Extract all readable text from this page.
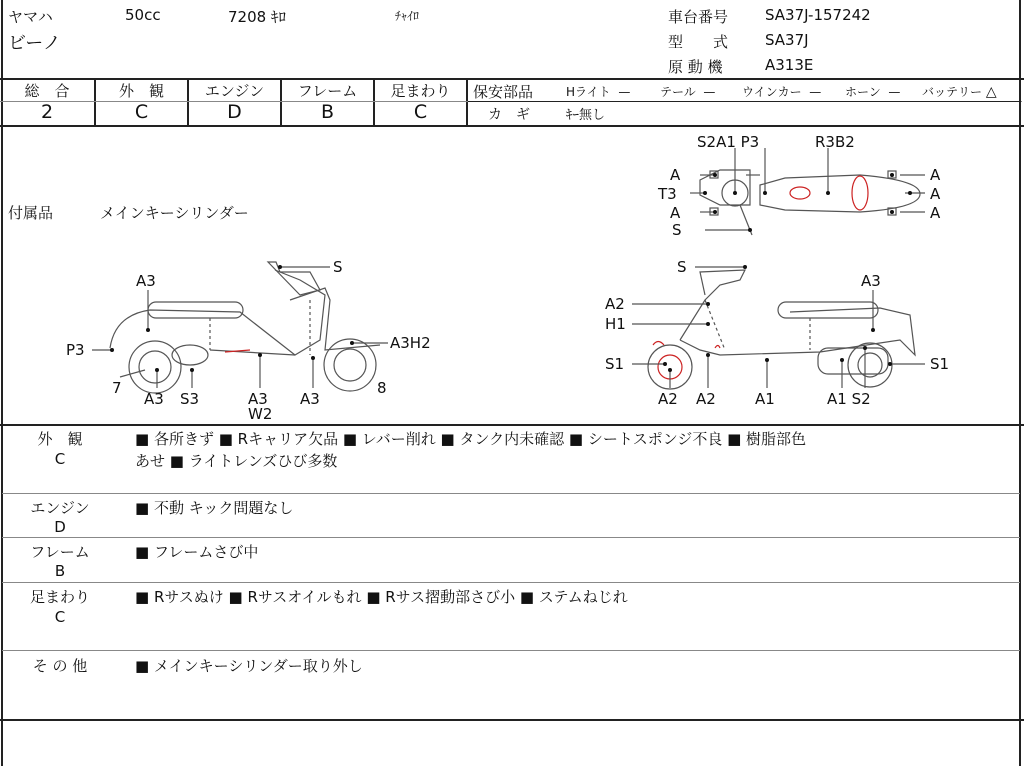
ヤマハ	50cc	7208 ｷﾛ	ﾁｬｲﾛ
ビーノ
車台番号 SA37J-157242
型　　式 SA37J
原 動 機	A313E
総　合	外　観	エンジン	フレーム	足まわり
2	C	D	B	C
保安部品	Hライト — テール — ウインカー — ホーン — バッテリー △
カ　ギ	ｷｰ無し
付属品	メインキーシリンダー
S2A1 P3	R3B2
A
A
A
A
A
T3
S
S
A3
P3	A3H2
7
A3 S3	A3
W2
A3
8
S
A3
A2
H1
S1	S1
A2 A2	A1	A1 S2
外　観
C
■ 各所きず ■ Rキャリア欠品 ■ レバー削れ ■ タンク内未確認 ■ シートスポンジ不良 ■ 樹脂部色
あせ ■ ライトレンズひび多数
エンジン
D
■ 不動 キック問題なし
フレーム
B
■ フレームさび中
足まわり
C
■ Rサスぬけ ■ Rサスオイルもれ ■ Rサス摺動部さび小 ■ ステムねじれ
そ の 他	■ メインキーシリンダー取り外し
